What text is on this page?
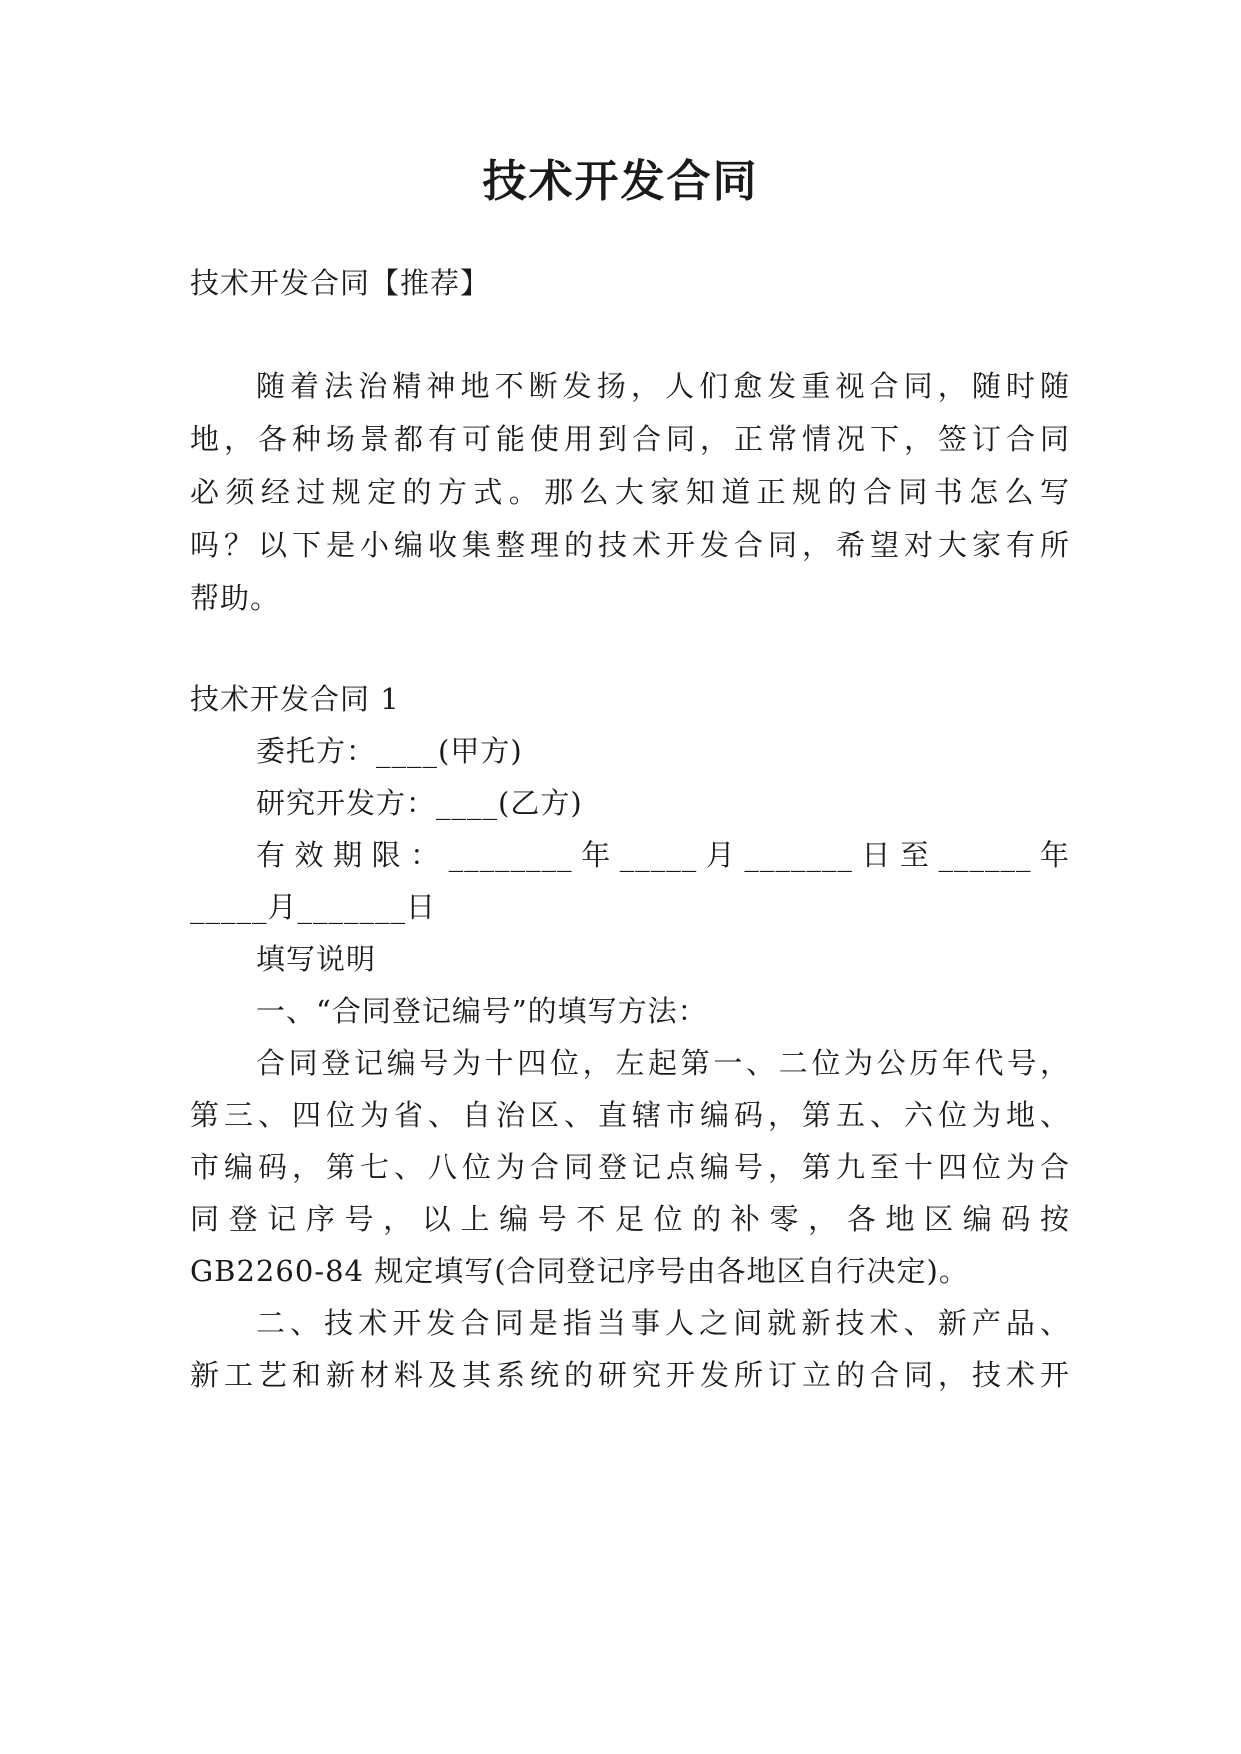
技术开发合同
技术开发合同【推荐】
随着法治精神地不断发扬，人们愈发重视合同，随时随
地，各种场景都有可能使用到合同，正常情况下，签订合同
必须经过规定的方式。那么大家知道正规的合同书怎么写
吗？以下是小编收集整理的技术开发合同，希望对大家有所
帮助。
技术开发合同 1
委托方：____(甲方)
研究开发方：____(乙方)
有效期限：________年_____月_______日至______年
_____月_______日
填写说明
一、“合同登记编号”的填写方法：
合同登记编号为十四位，左起第一、二位为公历年代号，
第三、四位为省、自治区、直辖市编码，第五、六位为地、
市编码，第七、八位为合同登记点编号，第九至十四位为合
同登记序号，以上编号不足位的补零，各地区编码按
GB2260-84 规定填写(合同登记序号由各地区自行决定)。
二、技术开发合同是指当事人之间就新技术、新产品、
新工艺和新材料及其系统的研究开发所订立的合同，技术开
